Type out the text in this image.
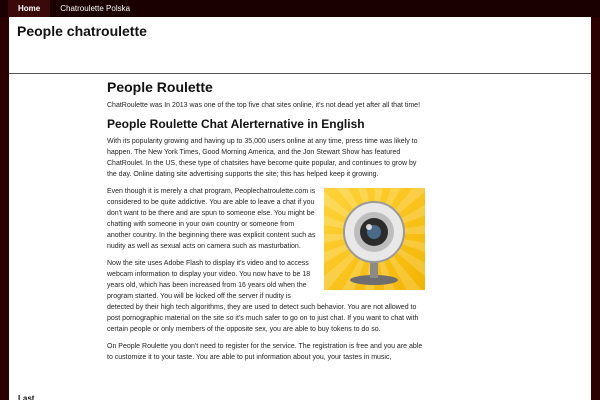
Home	Chatroulette Polska
People chatroulette
Last
People Roulette

ChatRoulette was In 2013 was one of the top five chat sites online, it's not dead yet after all that time!

People Roulette Chat Alerternative in English

With its popularity growing and having up to 35,000 users online at any time, press time was likely to happen. The New York Times, Good Morning America, and the Jon Stewart Show has featured ChatRoulet. In the US, these type of chatsites have become quite popular, and continues to grow by the day. Online dating site advertising supports the site; this has helped keep it growing.

Even though it is merely a chat program, Peoplechatroulette.com is considered to be quite addictive. You are able to leave a chat if you don't want to be there and are spun to someone else. You might be chatting with someone in your own country or someone from another country. In the beginning there was explicit content such as nudity as well as sexual acts on camera such as masturbation.

Now the site uses Adobe Flash to display it's video and to access webcam information to display your video. You now have to be 18 years old, which has been increased from 16 years old when the program started. You will be kicked off the server if nudity is detected by their high tech algorithms, they are used to detect such behavior. You are not allowed to post pornographic material on the site so it's much safer to go on to just chat. If you want to chat with certain people or only members of the opposite sex, you are able to buy tokens to do so.

On People Roulette you don't need to register for the service. The registration is free and you are able to customize it to your taste. You are able to put information about you, your tastes in music,
